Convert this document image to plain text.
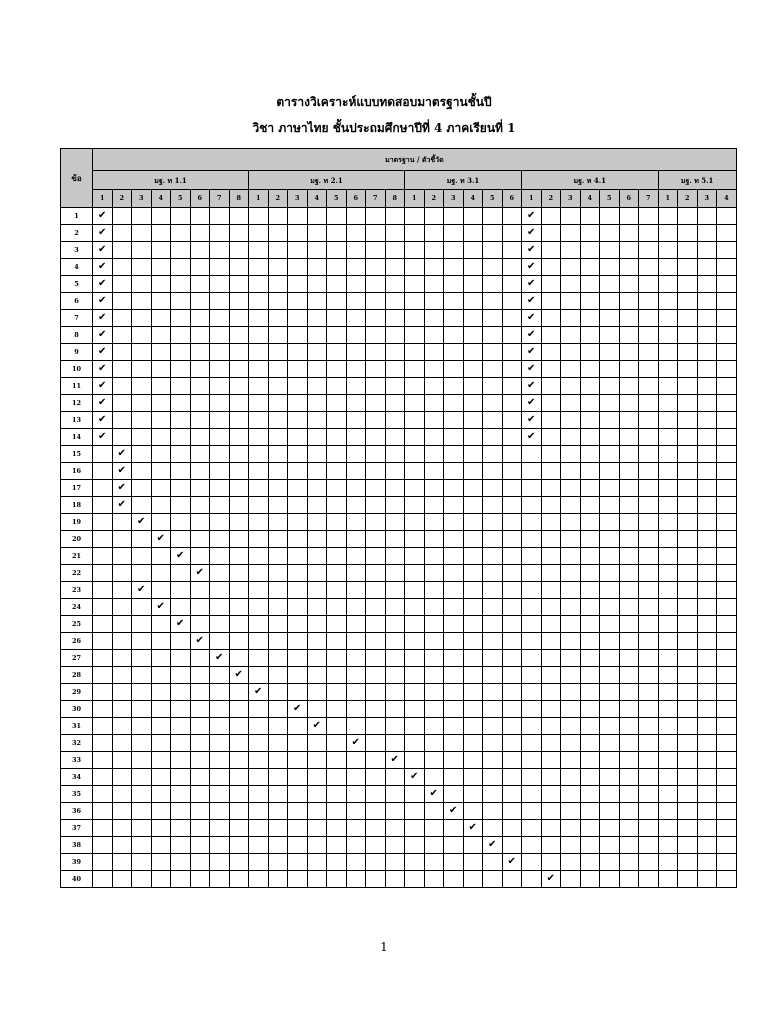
ตารางวิเคราะห์แบบทดสอบมาตรฐานชั้นปี
วิชา ภาษาไทย ชั้นประถมศึกษาปีที่ 4 ภาคเรียนที่ 1
ข้อ	มาตรฐาน / ตัวชี้วัด																																
	มฐ. ท 1.1								มฐ. ท 2.1								มฐ. ท 3.1						มฐ. ท 4.1							มฐ. ท 5.1			
	1	2	3	4	5	6	7	8	1	2	3	4	5	6	7	8	1	2	3	4	5	6	1	2	3	4	5	6	7	1	2	3	4
1	✔																						✔										
2	✔																						✔										
3	✔																						✔										
4	✔																						✔										
5	✔																						✔										
6	✔																						✔										
7	✔																						✔										
8	✔																						✔										
9	✔																						✔										
10	✔																						✔										
11	✔																						✔										
12	✔																						✔										
13	✔																						✔										
14	✔																						✔										
15		✔																															
16		✔																															
17		✔																															
18		✔																															
19			✔																														
20				✔																													
21					✔																												
22						✔																											
23			✔																														
24				✔																													
25					✔																												
26						✔																											
27							✔																										
28								✔																									
29									✔																								
30											✔																						
31												✔																					
32														✔																			
33																✔																	
34																	✔																
35																		✔															
36																			✔														
37																				✔													
38																					✔												
39																						✔											
40																								✔									
1
